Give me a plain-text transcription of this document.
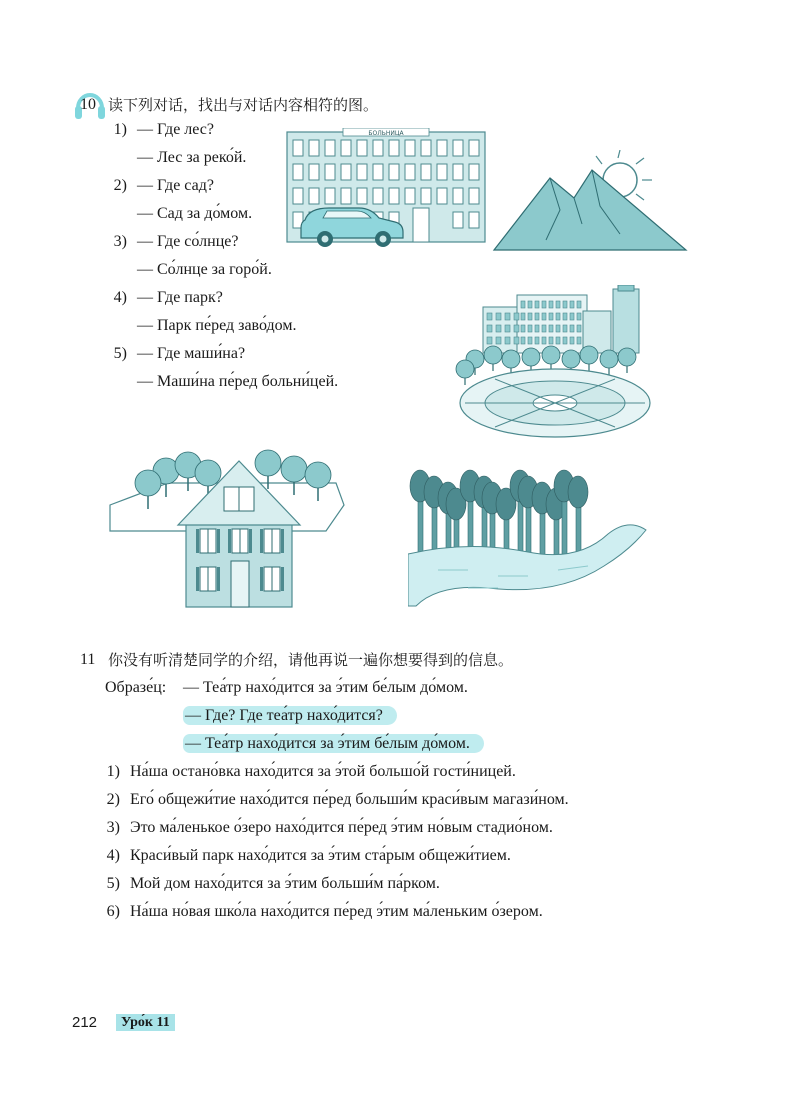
10 读下列对话，找出与对话内容相符的图。
1) — Где лес?
— Лес за реко́й.
2) — Где сад?
— Сад за до́мом.
3) — Где со́лнце?
— Со́лнце за горо́й.
4) — Где парк?
— Парк пе́ред заво́дом.
5) — Где маши́на?
— Маши́на пе́ред больни́цей.
БОЛЬНИЦА
11 你没有听清楚同学的介绍，请他再说一遍你想要得到的信息。
Образе́ц: — Теа́тр нахо́дится за э́тим бе́лым до́мом.
— Где? Где теа́тр нахо́дится?
— Теа́тр нахо́дится за э́тим бе́лым до́мом.
1) На́ша остано́вка нахо́дится за э́той большо́й гости́ницей.
2) Его́ общежи́тие нахо́дится пе́ред больши́м краси́вым магази́ном.
3) Это ма́ленькое о́зеро нахо́дится пе́ред э́тим но́вым стадио́ном.
4) Краси́вый парк нахо́дится за э́тим ста́рым общежи́тием.
5) Мой дом нахо́дится за э́тим больши́м па́рком.
6) На́ша но́вая шко́ла нахо́дится пе́ред э́тим ма́леньким о́зером.
212	Уро́к 11
